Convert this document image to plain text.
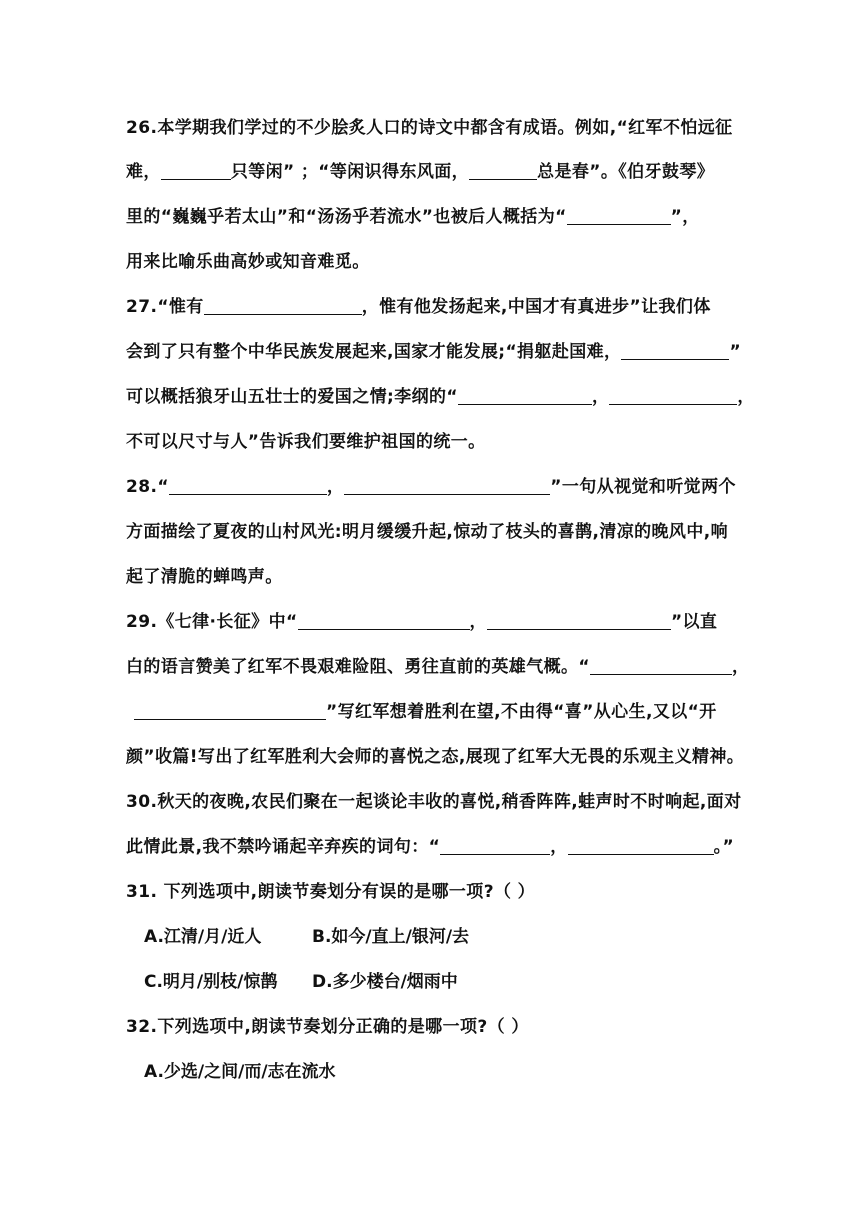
26.本学期我们学过的不少脍炙人口的诗文中都含有成语。例如,“红军不怕远征
难，	只等闲” ；“等闲识得东风面，	总是春”。《伯牙鼓琴》
里的“巍巍乎若太山”和“汤汤乎若流水”也被后人概括为“	”，
用来比喻乐曲高妙或知音难觅。
27.“惟有	，惟有他发扬起来,中国才有真进步”让我们体
会到了只有整个中华民族发展起来,国家才能发展;“捐躯赴国难，	”
可以概括狼牙山五壮士的爱国之情;李纲的“	，	，
不可以尺寸与人”告诉我们要维护祖国的统一。
28.“	，	”一句从视觉和听觉两个
方面描绘了夏夜的山村风光:明月缓缓升起,惊动了枝头的喜鹊,清凉的晚风中,响
起了清脆的蝉鸣声。
29.《七律·长征》中“	，	”以直
白的语言赞美了红军不畏艰难险阻、勇往直前的英雄气概。“	，
”写红军想着胜利在望,不由得“喜”从心生,又以“开
颜”收篇!写出了红军胜利大会师的喜悦之态,展现了红军大无畏的乐观主义精神。
30.秋天的夜晚,农民们聚在一起谈论丰收的喜悦,稍香阵阵,蛙声时不时响起,面对
此情此景,我不禁吟诵起辛弃疾的词句：“	，	。”
31. 下列选项中,朗读节奏划分有误的是哪一项?（ ）
A.江清/月/近人	B.如今/直上/银河/去
C.明月/别枝/惊鹊 D.多少楼台/烟雨中
32.下列选项中,朗读节奏划分正确的是哪一项?（ ）
A.少选/之间/而/志在流水
